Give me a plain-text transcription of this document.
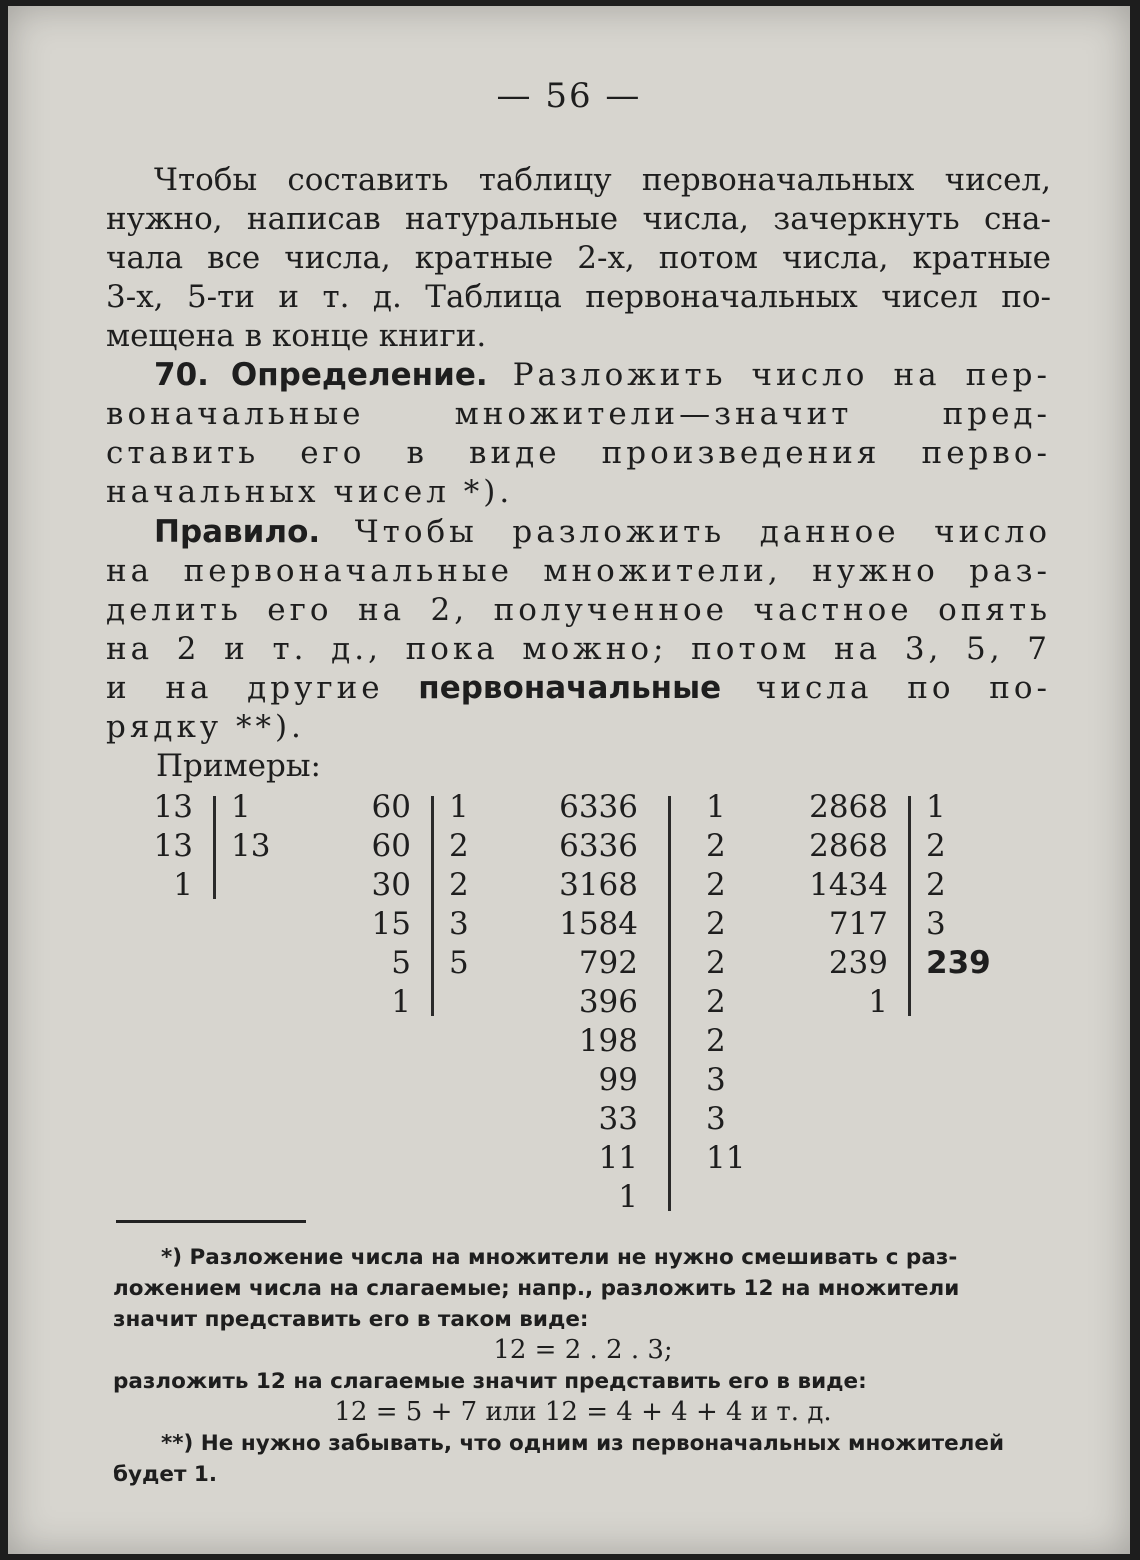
— 56 —
Чтобы составить таблицу первоначальных чисел,
нужно, написав натуральные числа, зачеркнуть сна-
чала все числа, кратные 2-х, потом числа, кратные
3-х, 5-ти и т. д. Таблица первоначальных чисел по-
мещена в конце книги.
70. Определение. Разложить число на пер-
воначальные множители—значит пред-
ставить его в виде произведения перво-
начальных чисел *).
Правило. Чтобы разложить данное число
на первоначальные множители, нужно раз-
делить его на 2, полученное частное опять
на 2 и т. д., пока можно; потом на 3, 5, 7
и на другие первоначальные числа по по-
рядку **).
Примеры:
13
13
1
1
13
60
60
30
15
5
1
1
2
2
3
5
6336
6336
3168
1584
792
396
198
99
33
11
1
1
2
2
2
2
2
2
3
3
11
2868
2868
1434
717
239
1
1
2
2
3
239
*) Разложение числа на множители не нужно смешивать с раз-
ложением числа на слагаемые; напр., разложить 12 на множители
значит представить его в таком виде:
12 = 2 . 2 . 3;
разложить 12 на слагаемые значит представить его в виде:
12 = 5 + 7 или 12 = 4 + 4 + 4 и т. д.
**) Не нужно забывать, что одним из первоначальных множителей
будет 1.
